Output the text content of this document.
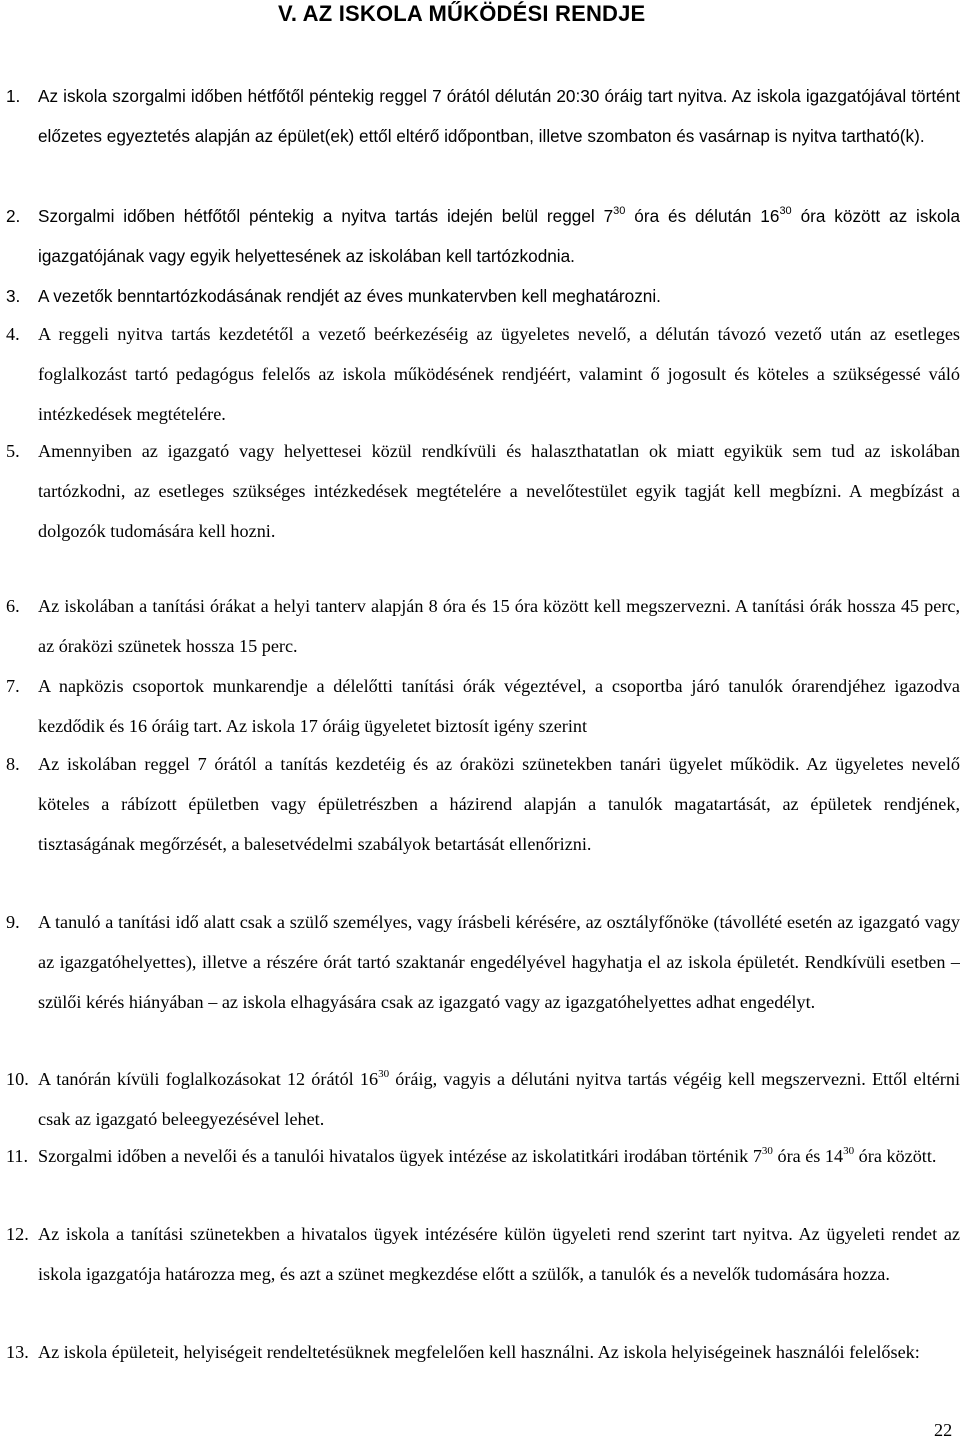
V. AZ ISKOLA MŰKÖDÉSI RENDJE
1. Az iskola szorgalmi időben hétfőtől péntekig reggel 7 órától délután 20:30 óráig tart nyitva. Az iskola igazgatójával történt előzetes egyeztetés alapján az épület(ek) ettől eltérő időpontban, illetve szombaton és vasárnap is nyitva tartható(k).
2. Szorgalmi időben hétfőtől péntekig a nyitva tartás idején belül reggel $7^{30}$ óra és délután $16^{30}$ óra között az iskola igazgatójának vagy egyik helyettesének az iskolában kell tartózkodnia.
3. A vezetők benntartózkodásának rendjét az éves munkatervben kell meghatározni.
4. A reggeli nyitva tartás kezdetétől a vezető beérkezéséig az ügyeletes nevelő, a délután távozó vezető után az esetleges foglalkozást tartó pedagógus felelős az iskola működésének rendjéért, valamint ő jogosult és köteles a szükségessé váló intézkedések megtételére.
5. Amennyiben az igazgató vagy helyettesei közül rendkívüli és halaszthatatlan ok miatt egyikük sem tud az iskolában tartózkodni, az esetleges szükséges intézkedések megtételére a nevelőtestület egyik tagját kell megbízni. A megbízást a dolgozók tudomására kell hozni.
6. Az iskolában a tanítási órákat a helyi tanterv alapján 8 óra és 15 óra között kell megszervezni. A tanítási órák hossza 45 perc, az óraközi szünetek hossza 15 perc.
7. A napközis csoportok munkarendje a délelőtti tanítási órák végeztével, a csoportba járó tanulók órarendjéhez igazodva kezdődik és 16 óráig tart. Az iskola 17 óráig ügyeletet biztosít igény szerint
8. Az iskolában reggel 7 órától a tanítás kezdetéig és az óraközi szünetekben tanári ügyelet működik. Az ügyeletes nevelő köteles a rábízott épületben vagy épületrészben a házirend alapján a tanulók magatartását, az épületek rendjének, tisztaságának megőrzését, a balesetvédelmi szabályok betartását ellenőrizni.
9. A tanuló a tanítási idő alatt csak a szülő személyes, vagy írásbeli kérésére, az osztályfőnöke (távollété esetén az igazgató vagy az igazgatóhelyettes), illetve a részére órát tartó szaktanár engedélyével hagyhatja el az iskola épületét. Rendkívüli esetben – szülői kérés hiányában – az iskola elhagyására csak az igazgató vagy az igazgatóhelyettes adhat engedélyt.
10. A tanórán kívüli foglalkozásokat 12 órától $16^{30}$ óráig, vagyis a délutáni nyitva tartás végéig kell megszervezni. Ettől eltérni csak az igazgató beleegyezésével lehet.
11. Szorgalmi időben a nevelői és a tanulói hivatalos ügyek intézése az iskolatitkári irodában történik $7^{30}$ óra és $14^{30}$ óra között.
12. Az iskola a tanítási szünetekben a hivatalos ügyek intézésére külön ügyeleti rend szerint tart nyitva. Az ügyeleti rendet az iskola igazgatója határozza meg, és azt a szünet megkezdése előtt a szülők, a tanulók és a nevelők tudomására hozza.
13. Az iskola épületeit, helyiségeit rendeltetésüknek megfelelően kell használni. Az iskola helyiségeinek használói felelősek:
22
